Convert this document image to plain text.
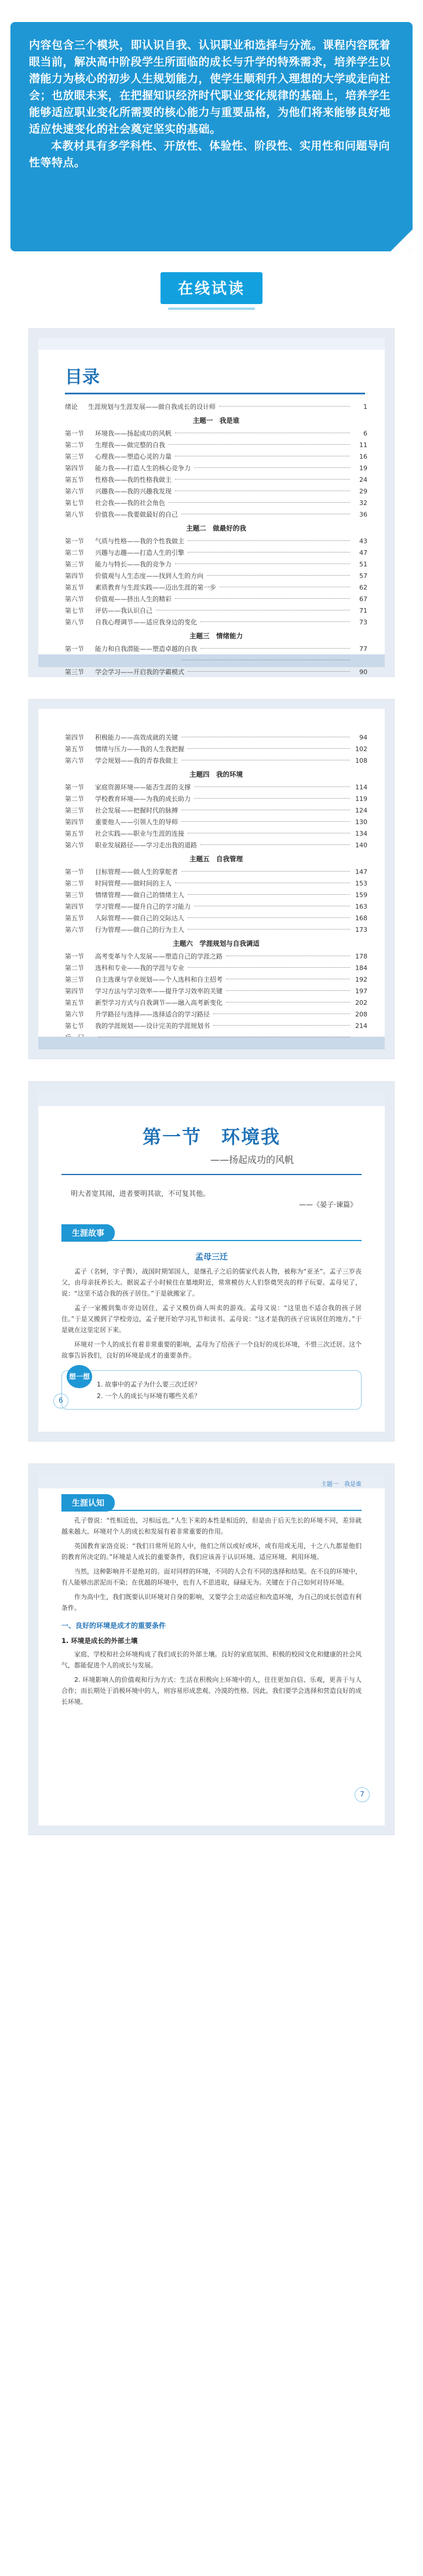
内容包含三个模块，即认识自我、认识职业和选择与分流。课程内容既着眼当前，解决高中阶段学生所面临的成长与升学的特殊需求，培养学生以潜能力为核心的初步人生规划能力，使学生顺利升入理想的大学或走向社会；也放眼未来，在把握知识经济时代职业变化规律的基础上，培养学生能够适应职业变化所需要的核心能力与重要品格，为他们将来能够良好地适应快速变化的社会奠定坚实的基础。

本教材具有多学科性、开放性、体验性、阶段性、实用性和问题导向性等特点。

在线试读
目录
绪论	生涯规划与生涯发展——做自我成长的设计师	1
主题一　我是谁
第一节	环境我——扬起成功的风帆	6
第二节	生理我——做完整的自我	11
第三节	心理我——塑造心灵的力量	16
第四节	能力我——打造人生的核心竞争力	19
第五节	性格我——我的性格我做主	24
第六节	兴趣我——我的兴趣我发现	29
第七节	社会我——我的社会角色	32
第八节	价值我——我要做最好的自己	36
主题二　做最好的我
第一节	气质与性格——我的个性我做主	43
第二节	兴趣与志趣——打造人生的引擎	47
第三节	能力与特长——我的竞争力	51
第四节	价值观与人生态度——找到人生的方向	57
第五节	素质教育与生涯实践——迈出生涯的第一步	62
第六节	价值观——挤出人生的精彩	67
第七节	评估——我认识自己	71
第八节	自我心理调节——适应我身边的变化	73
主题三　情绪能力
第一节	能力和自我潜能——塑造卓越的自我	77
第三节	学会学习——开启我的学霸模式	90
第四节	积极能力——高效成就的关键	94
第五节	情绪与压力——我的人生我把握	102
第六节	学会规划——我的青春我做主	108
主题四　我的环境
第一节	家庭资源环境——能否生涯的支撑	114
第二节	学校教育环境——为我的成长助力	119
第三节	社会发展——把握时代的脉搏	124
第四节	重要他人——引领人生的导师	130
第五节	社会实践——职业与生涯的连接	134
第六节	职业发展路径——学习走出我的道路	140
主题五　自我管理
第一节	目标管理——做人生的掌舵者	147
第二节	时间管理——做时间的主人	153
第三节	情绪管理——做自己的情绪主人	159
第四节	学习管理——提升自己的学习能力	163
第五节	人际管理——做自己的交际达人	168
第六节	行为管理——做自己的行为主人	173
主题六　学涯规划与自我调适
第一节	高考变革与个人发展——塑造自己的学涯之路	178
第二节	选科和专业——我的学涯与专业	184
第三节	自主选课与学业规划——个人选科和自主招考	192
第四节	学习方法与学习效率——提升学习效率的关键	197
第五节	新型学习方式与自我调节——融入高考新变化	202
第六节	升学路径与选择——选择适合的学习路径	208
第七节	我的学涯规划——设计完美的学涯规划书	214
第一节　环境我
——扬起成功的风帆
明大者宽其闻，进者要明其欲，不可复其他。
——《晏子·谏篇》
生涯故事
孟母三迁

孟子（名轲，字子舆），战国时期邹国人，是继孔子之后的儒家代表人物，被称为“亚圣”。孟子三岁丧父，由母亲抚养长大。据说孟子小时候住在墓地附近，常常模仿大人们祭奠哭丧的样子玩耍。孟母见了，说：“这里不适合我的孩子居住。”于是就搬家了。

孟子一家搬到集市旁边居住，孟子又模仿商人叫卖的游戏。孟母又说：“这里也不适合我的孩子居住。”于是又搬到了学校旁边，孟子便开始学习礼节和读书。孟母说：“这才是我的孩子应该居住的地方。”于是就在这里定居下来。

环境对一个人的成长有着非常重要的影响，孟母为了给孩子一个良好的成长环境，不惜三次迁居。这个故事告诉我们，良好的环境是成才的重要条件。

想一想
1. 故事中的孟子为什么要三次迁居？
2. 一个人的成长与环境有哪些关系？
6
主题一　我是谁
生涯认知

孔子曾说：“性相近也，习相远也。”人生下来的本性是相近的，但是由于后天生长的环境不同，差异就越来越大。环境对个人的成长和发展有着非常重要的作用。

英国教育家洛克说：“我们日常所见的人中，他们之所以或好或坏，或有用或无用，十之八九都是他们的教育所决定的。”环境是人成长的重要条件，我们应该善于认识环境、适应环境、利用环境。

当然，这种影响并不是绝对的。面对同样的环境，不同的人会有不同的选择和结果。在不良的环境中，有人能够出淤泥而不染；在优越的环境中，也有人不思进取，碌碌无为。关键在于自己如何对待环境。

作为高中生，我们既要认识环境对自身的影响，又要学会主动适应和改造环境，为自己的成长创造有利条件。

一、良好的环境是成才的重要条件
1. 环境是成长的外部土壤

家庭、学校和社会环境构成了我们成长的外部土壤。良好的家庭氛围、积极的校园文化和健康的社会风气，都能促进个人的成长与发展。

2. 环境影响人的价值观和行为方式：生活在积极向上环境中的人，往往更加自信、乐观，更善于与人合作；而长期处于消极环境中的人，则容易形成悲观、冷漠的性格。因此，我们要学会选择和营造良好的成长环境。

7
